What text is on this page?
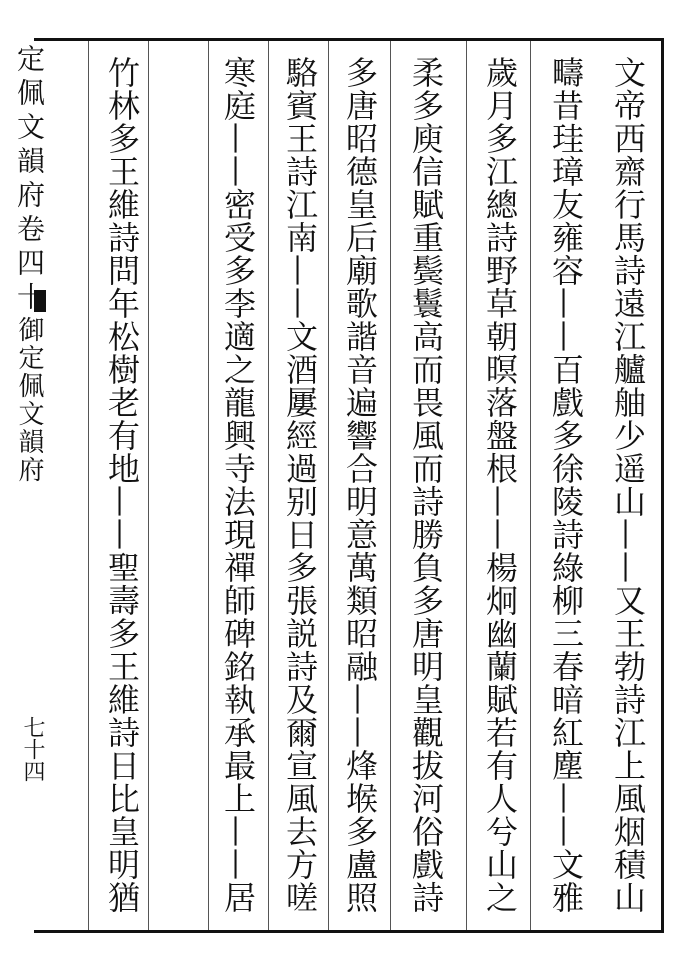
定佩文韻府卷四十
御定佩文韻府
七十四
文帝西齋行馬詩遠江艫舳少遥山——又王勃詩江上風烟積山
疇昔珪璋友雍容——百戲多徐陵詩綠柳三春暗紅塵——文雅
歲月多江總詩野草朝暝落盤根——楊炯幽蘭賦若有人兮山之
柔多庾信賦重鬓鬟高而畏風而詩勝負多唐明皇觀拔河俗戲詩
多唐昭德皇后廟歌諧音遍響合明意萬類昭融——烽堠多盧照
駱賓王詩江南——文酒屢經過别日多張説詩及爾宣風去方嗟
寒庭——密受多李適之龍興寺法現禪師碑銘執承最上——居
竹林多王維詩問年松樹老有地——聖壽多王維詩日比皇明猶
